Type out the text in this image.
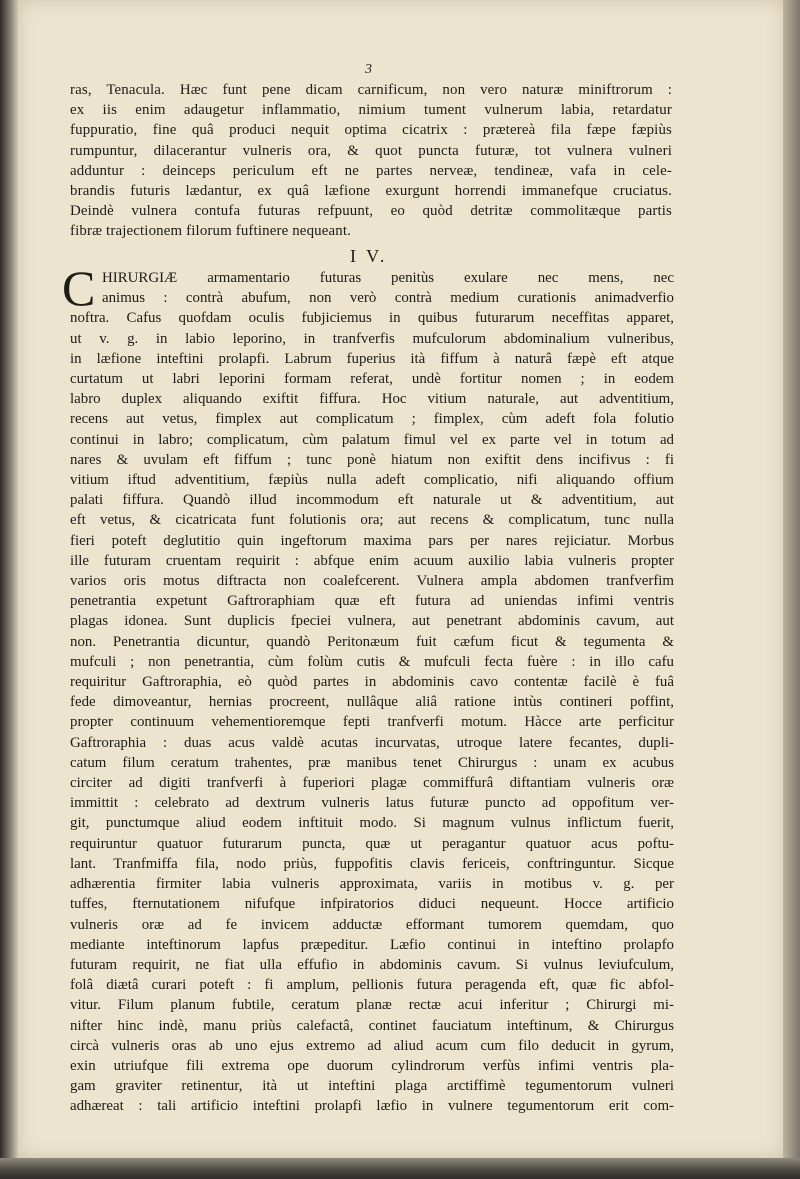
3
ras, Tenacula. Hæc funt pene dicam carnificum, non vero naturæ miniftrorum :
ex iis enim adaugetur inflammatio, nimium tument vulnerum labia, retardatur
fuppuratio, fine quâ produci nequit optima cicatrix : prætereà fila fæpe fæpiùs
rumpuntur, dilacerantur vulneris ora, & quot puncta futuræ, tot vulnera vulneri
adduntur : deinceps periculum eft ne partes nerveæ, tendineæ, vafa in cele-
brandis futuris lædantur, ex quâ læfione exurgunt horrendi immanefque cruciatus.
Deindè vulnera contufa futuras refpuunt, eo quòd detritæ commolitæque partis
fibræ trajectionem filorum fuftinere nequeant.
I V.
C HIRURGIÆ armamentario futuras penitùs exulare nec mens, nec
animus : contrà abufum, non verò contrà medium curationis animadverfio
noftra. Cafus quofdam oculis fubjiciemus in quibus futurarum neceffitas apparet,
ut v. g. in labio leporino, in tranfverfis mufculorum abdominalium vulneribus,
in læfione inteftini prolapfi. Labrum fuperius ità fiffum à naturâ fæpè eft atque
curtatum ut labri leporini formam referat, undè fortitur nomen ; in eodem
labro duplex aliquando exiftit fiffura. Hoc vitium naturale, aut adventitium,
recens aut vetus, fimplex aut complicatum ; fimplex, cùm adeft fola folutio
continui in labro; complicatum, cùm palatum fimul vel ex parte vel in totum ad
nares & uvulam eft fiffum ; tunc ponè hiatum non exiftit dens incifivus : fi
vitium iftud adventitium, fæpiùs nulla adeft complicatio, nifi aliquando offium
palati fiffura. Quandò illud incommodum eft naturale ut & adventitium, aut
eft vetus, & cicatricata funt folutionis ora; aut recens & complicatum, tunc nulla
fieri poteft deglutitio quin ingeftorum maxima pars per nares rejiciatur. Morbus
ille futuram cruentam requirit : abfque enim acuum auxilio labia vulneris propter
varios oris motus diftracta non coalefcerent. Vulnera ampla abdomen tranfverfim
penetrantia expetunt Gaftroraphiam quæ eft futura ad uniendas infimi ventris
plagas idonea. Sunt duplicis fpeciei vulnera, aut penetrant abdominis cavum, aut
non. Penetrantia dicuntur, quandò Peritonæum fuit cæfum ficut & tegumenta &
mufculi ; non penetrantia, cùm folùm cutis & mufculi fecta fuère : in illo cafu
requiritur Gaftroraphia, eò quòd partes in abdominis cavo contentæ facilè è fuâ
fede dimoveantur, hernias procreent, nullâque aliâ ratione intùs contineri poffint,
propter continuum vehementioremque fepti tranfverfi motum. Hàcce arte perficitur
Gaftroraphia : duas acus valdè acutas incurvatas, utroque latere fecantes, dupli-
catum filum ceratum trahentes, præ manibus tenet Chirurgus : unam ex acubus
circiter ad digiti tranfverfi à fuperiori plagæ commiffurâ diftantiam vulneris oræ
immittit : celebrato ad dextrum vulneris latus futuræ puncto ad oppofitum ver-
git, punctumque aliud eodem inftituit modo. Si magnum vulnus inflictum fuerit,
requiruntur quatuor futurarum puncta, quæ ut peragantur quatuor acus poftu-
lant. Tranfmiffa fila, nodo priùs, fuppofitis clavis fericeis, conftringuntur. Sicque
adhærentia firmiter labia vulneris approximata, variis in motibus v. g. per
tuffes, fternutationem nifufque infpiratorios diduci nequeunt. Hocce artificio
vulneris oræ ad fe invicem adductæ efformant tumorem quemdam, quo
mediante inteftinorum lapfus præpeditur. Læfio continui in inteftino prolapfo
futuram requirit, ne fiat ulla effufio in abdominis cavum. Si vulnus leviufculum,
folâ diætâ curari poteft : fi amplum, pellionis futura peragenda eft, quæ fic abfol-
vitur. Filum planum fubtile, ceratum planæ rectæ acui inferitur ; Chirurgi mi-
nifter hinc indè, manu priùs calefactâ, continet fauciatum inteftinum, & Chirurgus
circà vulneris oras ab uno ejus extremo ad aliud acum cum filo deducit in gyrum,
exin utriufque fili extrema ope duorum cylindrorum verfùs infimi ventris pla-
gam graviter retinentur, ità ut inteftini plaga arctiffimè tegumentorum vulneri
adhæreat : tali artificio inteftini prolapfi læfio in vulnere tegumentorum erit com-
